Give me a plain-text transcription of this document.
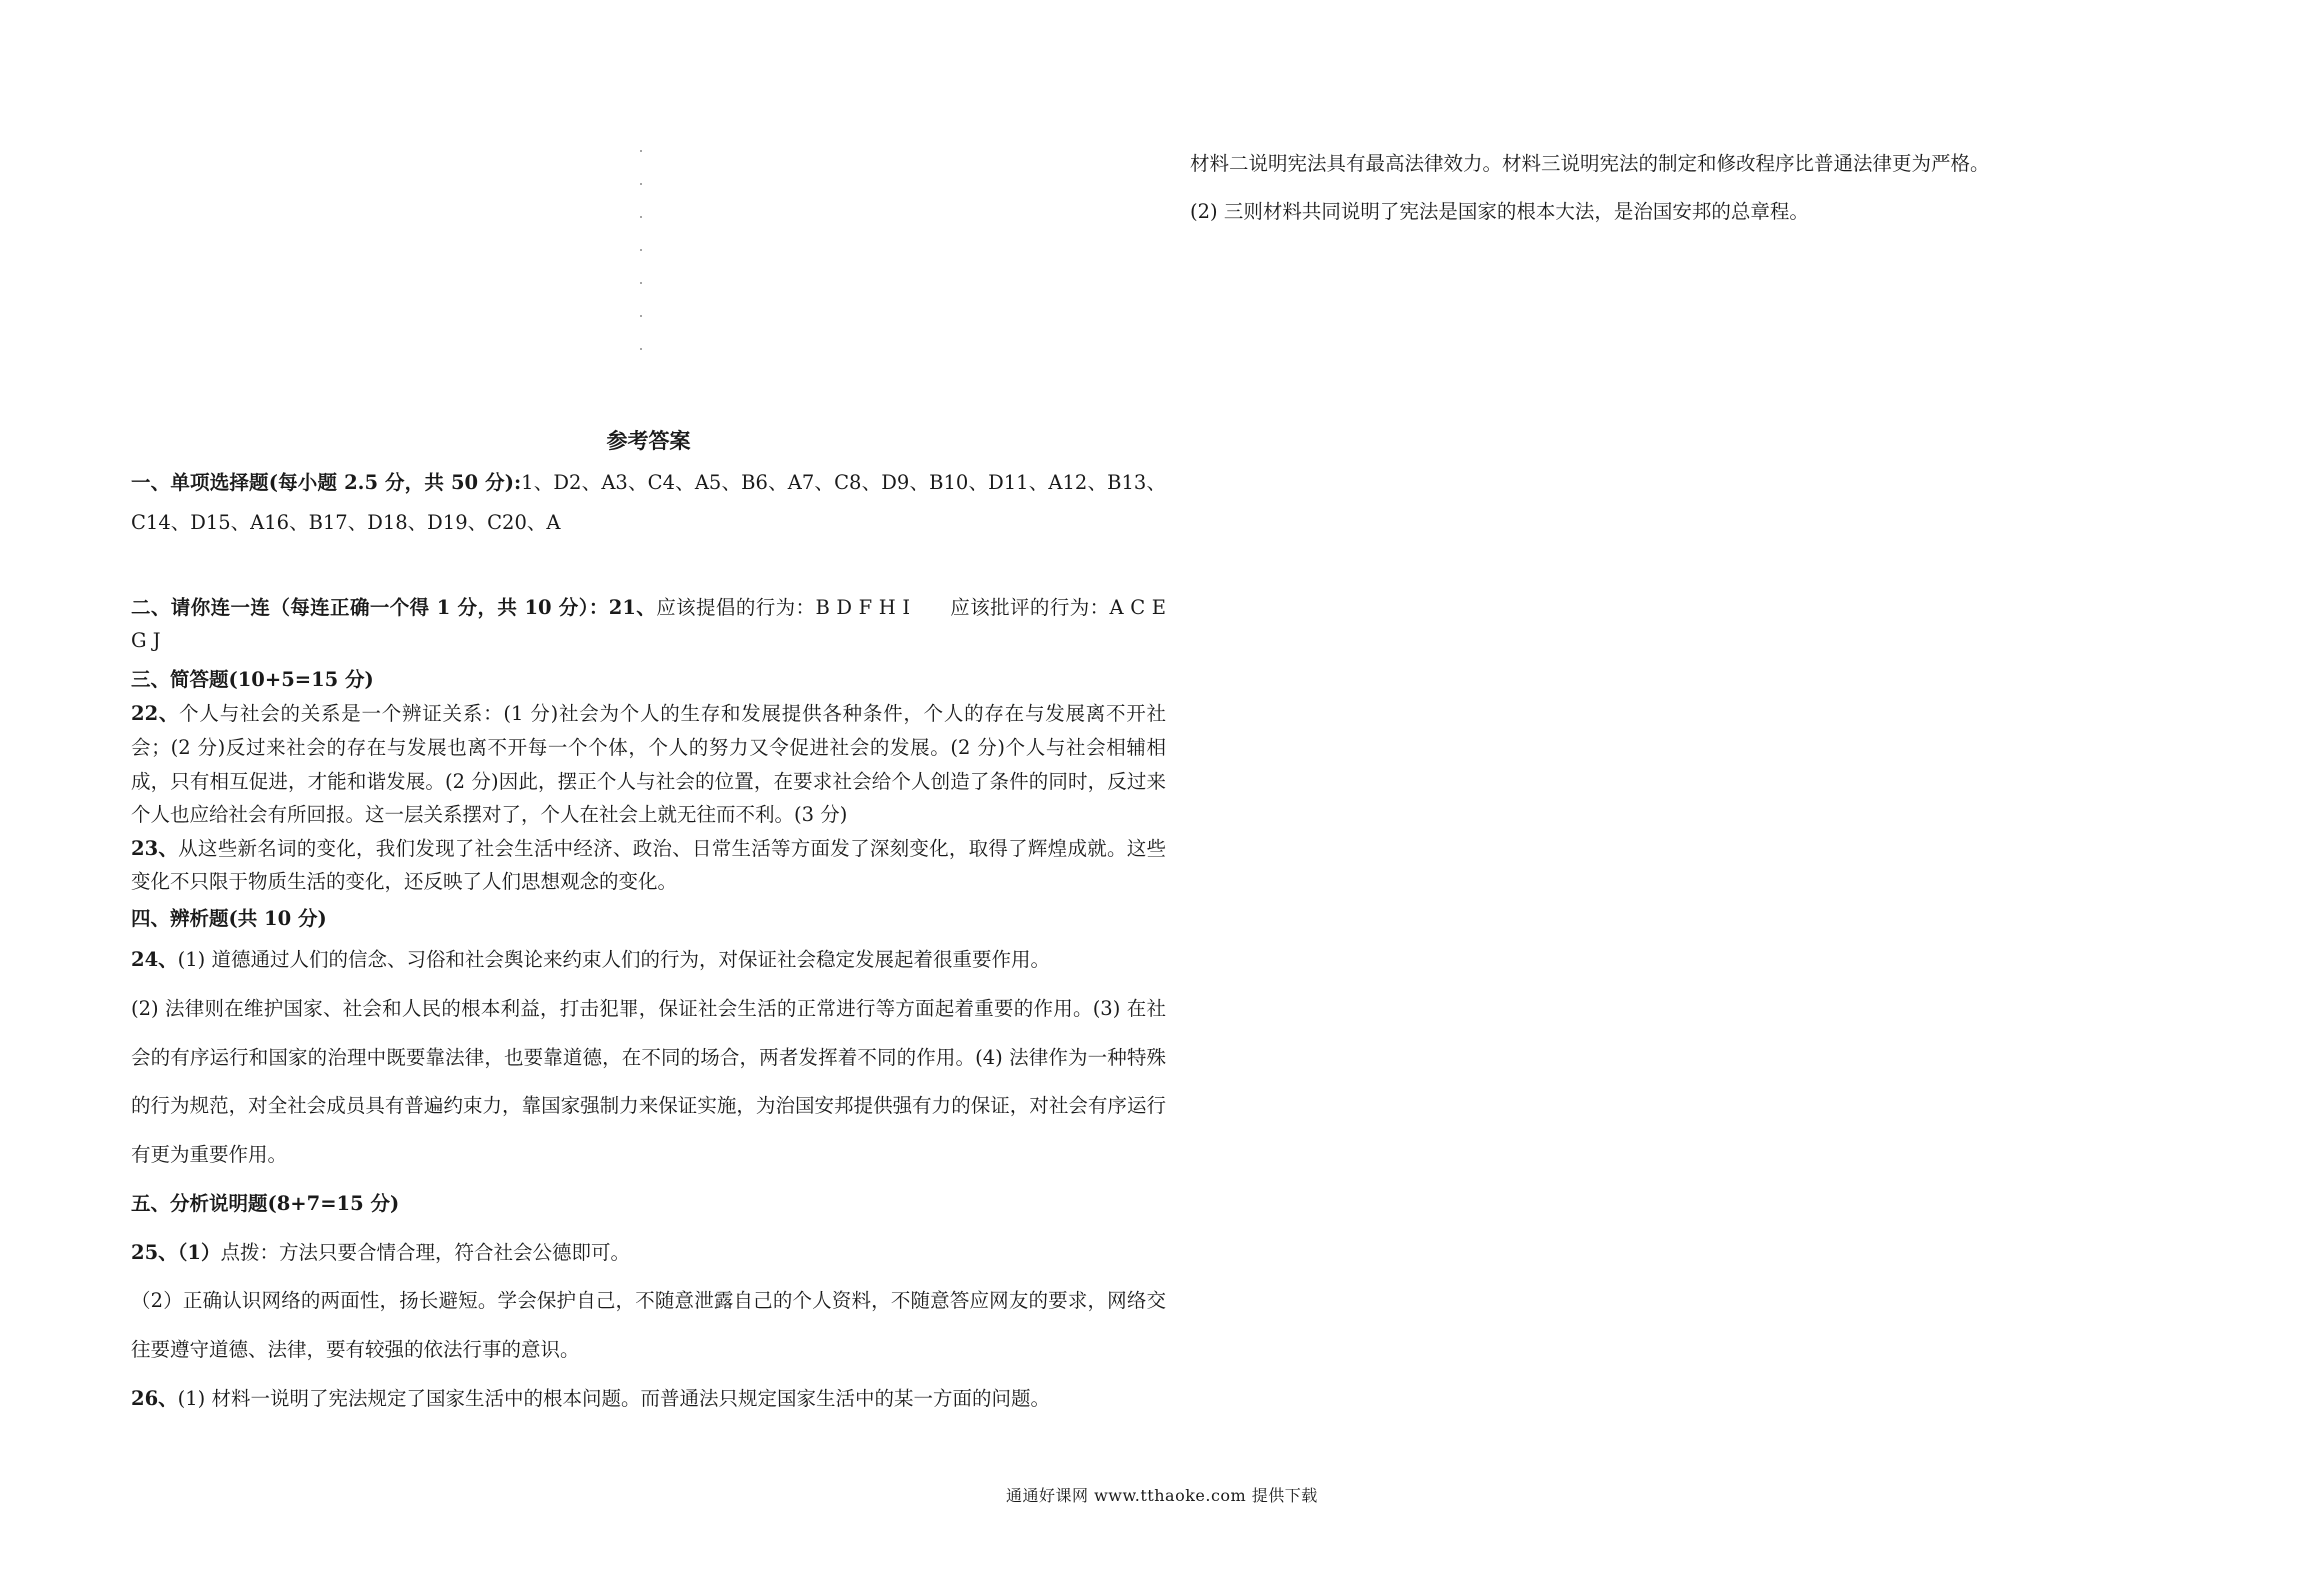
参考答案

一、单项选择题(每小题 2.5 分，共 50 分):1、D2、A3、C4、A5、B6、A7、C8、D9、B10、D11、A12、B13、C14、D15、A16、B17、D18、D19、C20、A

二、请你连一连（每连正确一个得 1 分，共 10 分）：21、应该提倡的行为：B D F H I　　应该批评的行为：A C E G J

三、简答题(10+5=15 分)

22、个人与社会的关系是一个辨证关系：(1 分)社会为个人的生存和发展提供各种条件，个人的存在与发展离不开社会；(2 分)反过来社会的存在与发展也离不开每一个个体，个人的努力又令促进社会的发展。(2 分)个人与社会相辅相成，只有相互促进，才能和谐发展。(2 分)因此，摆正个人与社会的位置，在要求社会给个人创造了条件的同时，反过来个人也应给社会有所回报。这一层关系摆对了，个人在社会上就无往而不利。(3 分)

23、从这些新名词的变化，我们发现了社会生活中经济、政治、日常生活等方面发了深刻变化，取得了辉煌成就。这些变化不只限于物质生活的变化，还反映了人们思想观念的变化。

四、辨析题(共 10 分)

24、(1) 道德通过人们的信念、习俗和社会舆论来约束人们的行为，对保证社会稳定发展起着很重要作用。
(2) 法律则在维护国家、社会和人民的根本利益，打击犯罪，保证社会生活的正常进行等方面起着重要的作用。(3) 在社会的有序运行和国家的治理中既要靠法律，也要靠道德，在不同的场合，两者发挥着不同的作用。(4) 法律作为一种特殊的行为规范，对全社会成员具有普遍约束力，靠国家强制力来保证实施，为治国安邦提供强有力的保证，对社会有序运行有更为重要作用。

五、分析说明题(8+7=15 分)

25、（1）点拨：方法只要合情合理，符合社会公德即可。
（2）正确认识网络的两面性，扬长避短。学会保护自己，不随意泄露自己的个人资料，不随意答应网友的要求，网络交往要遵守道德、法律，要有较强的依法行事的意识。

26、(1) 材料一说明了宪法规定了国家生活中的根本问题。而普通法只规定国家生活中的某一方面的问题。

材料二说明宪法具有最高法律效力。材料三说明宪法的制定和修改程序比普通法律更为严格。

(2) 三则材料共同说明了宪法是国家的根本大法，是治国安邦的总章程。

通通好课网 www.tthaoke.com 提供下载
